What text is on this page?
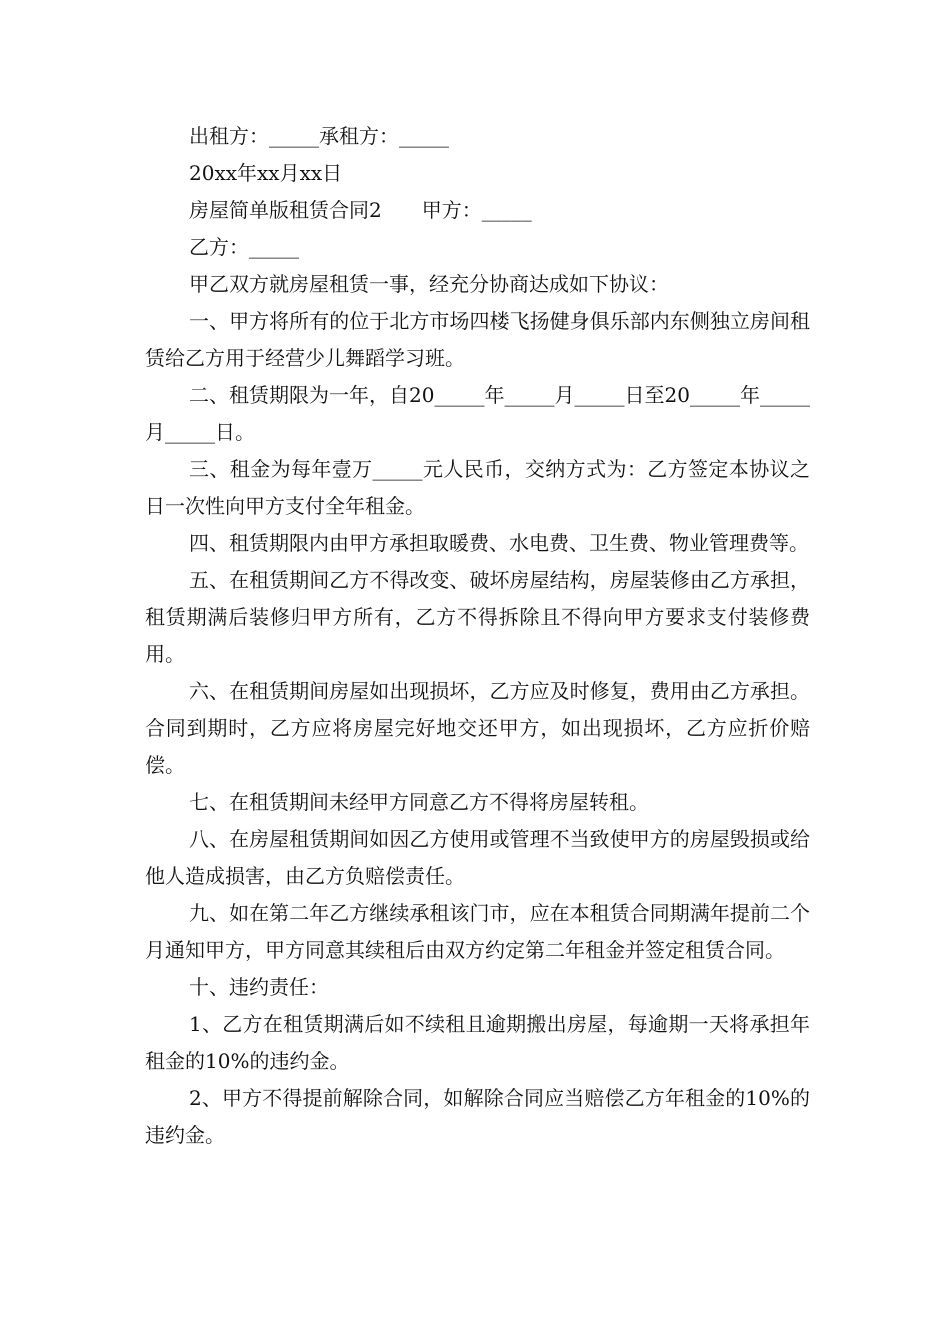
出租方：_____承租方：_____

20xx年xx月xx日

房屋简单版租赁合同2　　甲方：_____

乙方：_____

甲乙双方就房屋租赁一事，经充分协商达成如下协议：

一、甲方将所有的位于北方市场四楼飞扬健身俱乐部内东侧独立房间租赁给乙方用于经营少儿舞蹈学习班。

二、租赁期限为一年，自20_____年_____月_____日至20_____年_____月_____日。

三、租金为每年壹万_____元人民币，交纳方式为：乙方签定本协议之日一次性向甲方支付全年租金。

四、租赁期限内由甲方承担取暖费、水电费、卫生费、物业管理费等。

五、在租赁期间乙方不得改变、破坏房屋结构，房屋装修由乙方承担，租赁期满后装修归甲方所有，乙方不得拆除且不得向甲方要求支付装修费用。

六、在租赁期间房屋如出现损坏，乙方应及时修复，费用由乙方承担。合同到期时，乙方应将房屋完好地交还甲方，如出现损坏，乙方应折价赔偿。

七、在租赁期间未经甲方同意乙方不得将房屋转租。

八、在房屋租赁期间如因乙方使用或管理不当致使甲方的房屋毁损或给他人造成损害，由乙方负赔偿责任。

九、如在第二年乙方继续承租该门市，应在本租赁合同期满年提前二个月通知甲方，甲方同意其续租后由双方约定第二年租金并签定租赁合同。

十、违约责任：

1、乙方在租赁期满后如不续租且逾期搬出房屋，每逾期一天将承担年租金的10%的违约金。

2、甲方不得提前解除合同，如解除合同应当赔偿乙方年租金的10%的违约金。
